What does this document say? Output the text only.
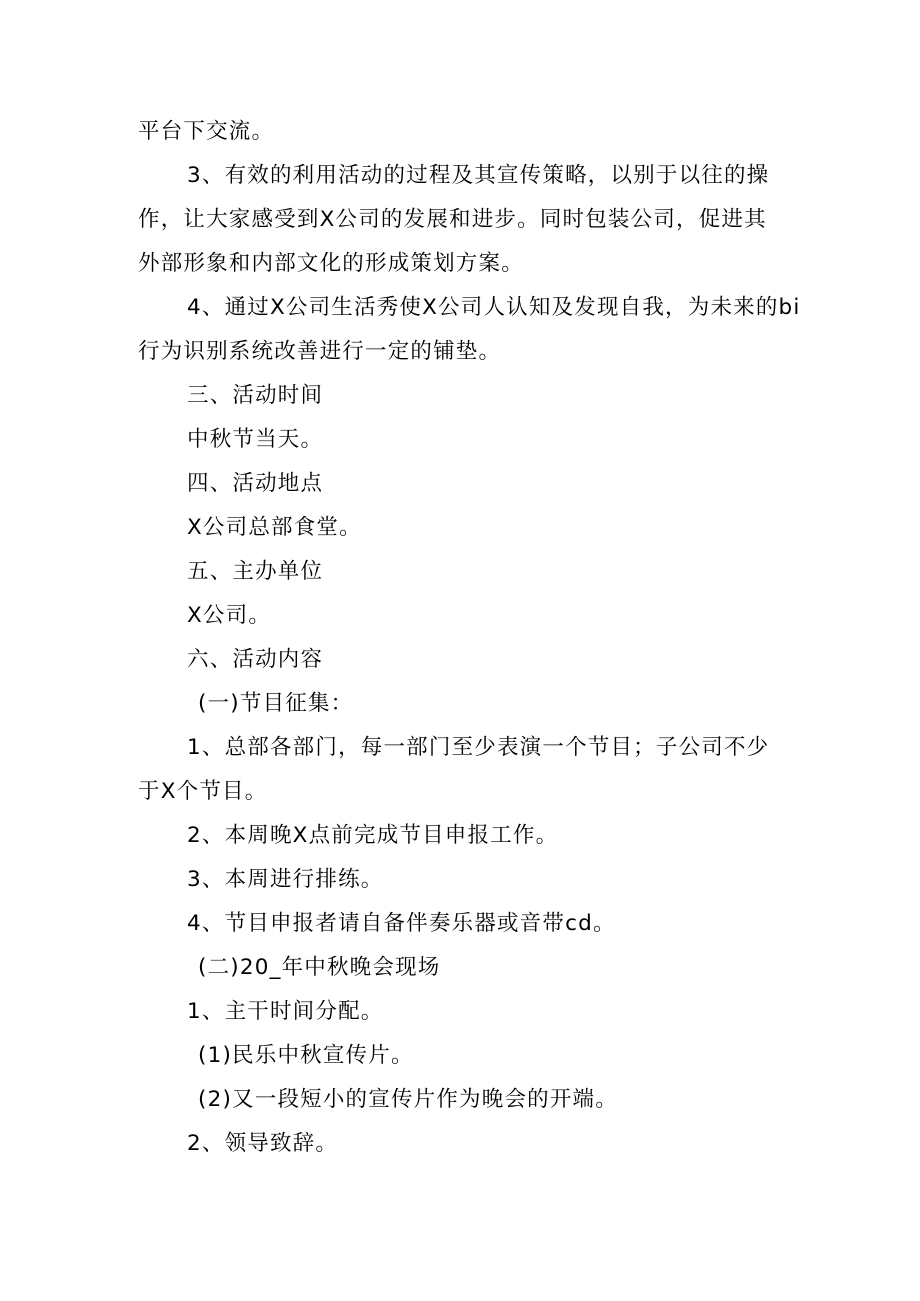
平台下交流。
3、有效的利用活动的过程及其宣传策略，以别于以往的操
作，让大家感受到X公司的发展和进步。同时包装公司，促进其
外部形象和内部文化的形成策划方案。
4、通过X公司生活秀使X公司人认知及发现自我，为未来的bi
行为识别系统改善进行一定的铺垫。
三、活动时间
中秋节当天。
四、活动地点
X公司总部食堂。
五、主办单位
X公司。
六、活动内容
(一)节目征集：
1、总部各部门，每一部门至少表演一个节目；子公司不少
于X个节目。
2、本周晚X点前完成节目申报工作。
3、本周进行排练。
4、节目申报者请自备伴奏乐器或音带cd。
(二)20_年中秋晚会现场
1、主干时间分配。
(1)民乐中秋宣传片。
(2)又一段短小的宣传片作为晚会的开端。
2、领导致辞。
